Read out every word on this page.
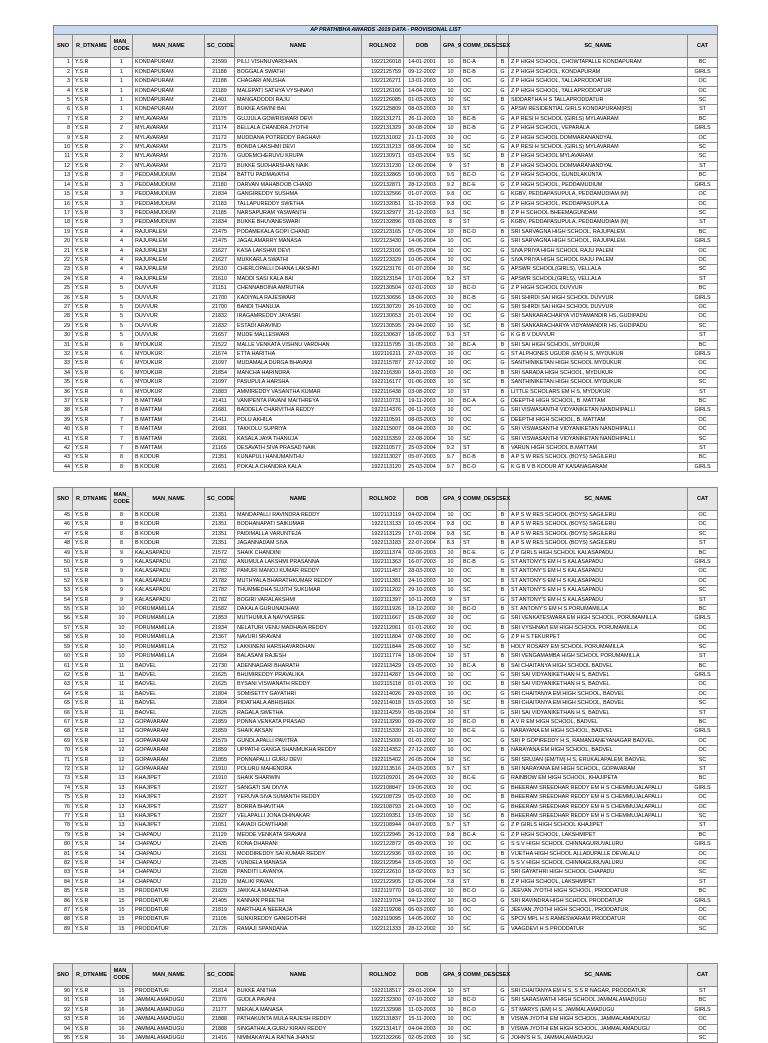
AP PRATHIBHA AWARDS -2019 DATA - PROVISIONAL LIST												
SNO	R_DTNAME	MAN_ CODE	MAN_NAME	SC_CODE	NAME	ROLLNO2	DOB	GPA_9	COMM_DESC	SEX	SC_NAME	CAT
1	Y.S.R	1	KONDAPURAM	21599	PILLI VISHNUVARDHAN	1922126018	14-01-2001	10	BC-A	B	Z P HIGH SCHOOL, CHOWTAPALLE KONDAPURAM	BC
2	Y.S.R	1	KONDAPURAM	21188	BOGGALA SWATHI	1922125759	09-12-2002	10	BC-B	G	Z P HIGH SCHOOL, KONDAPURAM	GIRLS
3	Y.S.R	1	KONDAPURAM	21188	CHAGARI ANUSHA	1922126271	13-01-2003	10	OC	G	Z P HIGH SCHOOL, TALLAPRODDATUR	OC
4	Y.S.R	1	KONDAPURAM	21189	MALEPATI SATHYA VYSHNAVI	1922126166	14-04-2003	10	OC	G	Z P HIGH SCHOOL, TALLAPRODDATUR	OC
5	Y.S.R	1	KONDAPURAM	21401	MANGADODDI RAJU	1922126085	01-03-2003	10	SC	B	SIDDARTHA H S TALLAPRODDATUR	SC
6	Y.S.R	1	KONDAPURAM	21697	BUKKE ASWINI BAI	1922125809	08-03-2003	10	ST	G	APSW RESIDENTIAL GIRLS KONDAPURAM(RS)	ST
7	Y.S.R	2	MYLAVARAM	21175	GUJJULA GOWRISWARI DEVI	1922131271	26-11-2003	10	BC-B	G	A P RESI H SCHOOL (GIRLS) MYLAVARAM	BC
8	Y.S.R	2	MYLAVARAM	21174	BELLALA CHANDRA JYOTHI	1922131329	30-08-2004	10	BC-B	G	Z P HIGH SCHOOL, VEPARALA	GIRLS
9	Y.S.R	2	MYLAVARAM	21172	MUDDANA POTREDDY RAGHAVI	1922131002	21-11-2003	10	OC	G	Z P HIGH SCHOOL DOMMARANANDYAL	OC
10	Y.S.R	2	MYLAVARAM	21175	BONDA LAKSHMI DEVI	1922131213	08-06-2004	10	SC	G	A P RESI H SCHOOL (GIRLS) MYLAVARAM	SC
11	Y.S.R	2	MYLAVARAM	21176	GUDEMCHERUVU KRUPA	1922130971	03-03-2004	9.5	SC	B	Z P HIGH SCHOOL MYLAVARAM	SC
12	Y.S.R	2	MYLAVARAM	21172	BUKKE SUDHARSHAN NAIK	1922131230	12-06-2004	9	ST	B	Z P HIGH SCHOOL DOMMARANANDYAL	ST
13	Y.S.R	3	PEDDAMUDIUM	21184	BATTU PADMAVATHI	1922132865	10-06-2003	9.5	BC-D	G	Z P HIGH SCHOOL, GUNDLAKUNTA	BC
14	Y.S.R	3	PEDDAMUDIUM	21180	DARVAN MAHABOOB CHAND	1922132871	28-12-2003	9.2	BC-E	G	Z P HIGH SCHOOL, PEDDAMUDIUM	GIRLS
15	Y.S.R	3	PEDDAMUDIUM	21834	GANGIREDDY SUSHMA	1922132566	01-07-2003	9.8	OC	G	KGBV, PEDDAPASUPULA, PEDDAMUDIAM (M)	OC
16	Y.S.R	3	PEDDAMUDIUM	21183	TALLAPUREDDY SWETHA	1922132051	11-10-2003	9.8	OC	G	Z P HIGH SCHOOL, PEDDAPASUPULA	OC
17	Y.S.R	3	PEDDAMUDIUM	21185	NARSAPURAM YASWANTH	1922132977	21-12-2003	9.3	SC	B	Z P H SCHOOL BHEEMAGUNDAM	SC
18	Y.S.R	3	PEDDAMUDIUM	21834	BUKKE BHUVANESWARI	1922132896	03-08-2003	8	ST	G	KGBV, PEDDAPASUPULA, PEDDAMUDIAM (M)	ST
19	Y.S.R	4	RAJUPALEM	21475	PODAMEKALA GOPI CHAND	1922123165	17-05-2004	10	BC-D	B	SRI SARVAGNA HIGH SCHOOL, RAJUPALEM.	BC
20	Y.S.R	4	RAJUPALEM	21475	JAGALAMARRY MANASA	1922123430	14-06-2004	10	OC	G	SRI SARVAGNA HIGH SCHOOL, RAJUPALEM.	GIRLS
21	Y.S.R	4	RAJUPALEM	21627	KASA LAKSHMI DEVI	1922123166	05-05-2004	10	OC	G	SIVA PRIYA HIGH SCHOOL RAJU PALEM	OC
22	Y.S.R	4	RAJUPALEM	21627	MUKKARLA SWATHI	1922123329	10-06-2004	10	OC	G	SIVA PRIYA HIGH SCHOOL RAJU PALEM	OC
23	Y.S.R	4	RAJUPALEM	21610	CHERLOPALLI DHANA LAKSHMI	1922123176	01-07-2004	10	SC	G	APSWR SCHOOL(GIRLS), VELLALA	SC
24	Y.S.R	4	RAJUPALEM	21610	MADDI SASI KALA BAI	1922123154	17-01-2004	9.2	ST	G	APSWR SCHOOL(GIRLS), VELLALA	ST
25	Y.S.R	5	DUVVUR	21151	CHENNABOINA AMRUTHA	1922130504	02-01-2003	10	BC-D	G	Z P HIGH SCHOOL DUVVUR	BC
26	Y.S.R	5	DUVVUR	21700	KADIYALA RAJESWARI	1922130656	18-06-2003	10	BC-B	G	SRI SHIRDI SAI HIGH SCHOOL DUVVUR	GIRLS
27	Y.S.R	5	DUVVUR	21700	BANDI THANUJA	1922130720	26-10-2003	10	OC	G	SRI SHIRDI SAI HIGH SCHOOL DUVVUR	OC
28	Y.S.R	5	DUVVUR	21832	IRAGAMREDDY JAYASRI	1922130653	21-01-2004	10	OC	G	SRI SANKARACHARYA VIDYAMANDIR HS, GUDIPADU	OC
29	Y.S.R	5	DUVVUR	21832	ESTADI ARAVIND	1922130595	29-04-2002	10	SC	B	SRI SANKARACHARYA VIDYAMANDIR HS, GUDIPADU	SC
30	Y.S.R	5	DUVVUR	21657	MUDE MALLESWARI	1922130637	18-05-2002	9.3	ST	G	K G B V DUVVUR	ST
31	Y.S.R	6	MYDUKUR	21522	MALLE VENKATA VISHNU VARDHAN	1922115795	31-05-2003	10	BC-A	B	SRI SAI HIGH SCHOOL, MYDUKUR	BC
32	Y.S.R	6	MYDUKUR	21674	ETTA HARITHA	1922116211	27-03-2003	10	OC	G	ST ALPHONES UGUDR (EM) H S, MYDUKUR	GIRLS
33	Y.S.R	6	MYDUKUR	21097	MUDAMALA DURGA BHAVANI	1922115787	27-12-2002	10	OC	G	SANTHINIKETAN HIGH SCHOOL MYDUKUR	OC
34	Y.S.R	6	MYDUKUR	21854	MANCHA HARINDRA	1922116390	18-01-2003	10	OC	B	SRI SARADA HIGH SCHOOL, MYDUKUR	OC
35	Y.S.R	6	MYDUKUR	21097	PASUPULA HARSHA	1922116177	01-06-2003	10	SC	B	SANTHINIKETAN HIGH SCHOOL MYDUKUR	SC
36	Y.S.R	6	MYDUKUR	21883	AMMIREDDY VASANTHA KUMAR	1922116438	03-08-2002	10	ST	B	LITTLE SCHOLARS EM H S, MYDUKUR	ST
37	Y.S.R	7	B MATTAM	21411	VANIPENTA PAVANI MAITHREYA	1922110731	19-11-2003	10	BC-A	G	DEEPTHI HIGH SCHOOL, B. MATTAM	BC
38	Y.S.R	7	B MATTAM	21681	BADDELA CHARVITHA REDDY	1922114376	06-11-2003	10	OC	G	SRI VISWASANTHI VIDYANIKETAN NANDHIPALLI	GIRLS
39	Y.S.R	7	B MATTAM	21411	POLU AKHILA	1922110591	08-03-2003	10	OC	G	DEEPTHI HIGH SCHOOL, B. MATTAM	OC
40	Y.S.R	7	B MATTAM	21681	TAKKOLU SUPRIYA	1922115007	08-04-2003	10	OC	G	SRI VISWASANTHI VIDYANIKETAN NANDHIPALLI	OC
41	Y.S.R	7	B MATTAM	21681	KASALA JAYA THANUJA	1922115359	22-08-2004	10	SC	G	SRI VISWASANTHI VIDYANIKETAN NANDHIPALLI	SC
42	Y.S.R	7	B MATTAM	21165	DESAVATH SIVA PRASAD NAIK	1922110577	25-03-2004	9.2	ST	B	VARUN HIGH SCHOOL B.MATTAM	ST
43	Y.S.R	8	B KODUR	21351	KUNAPULI HANUMANTHU	1922113027	05-07-2003	9.7	BC-B	B	A P S W RES SCHOOL (BOYS) SAGILERU	BC
44	Y.S.R	8	B KODUR	21651	POKALA CHANDRA KALA	1922113120	25-03-2004	9.7	BC-D	G	K G B V B KODUR AT KASANAGARAM	GIRLS
SNO	R_DTNAME	MAN_ CODE	MAN_NAME	SC_CODE	NAME	ROLLNO2	DOB	GPA_9	COMM_DESC	SEX	SC_NAME	CAT
45	Y.S.R	8	B KODUR	21351	MANDAPALLI RAVINDRA REDDY	1922113119	04-02-2004	10	OC	B	A P S W RES SCHOOL (BOYS) SAGILERU	OC
46	Y.S.R	8	B KODUR	21351	BODHANAPATI SAIKUMAR	1922113133	10-05-2004	9.8	OC	B	A P S W RES SCHOOL (BOYS) SAGILERU	OC
47	Y.S.R	8	B KODUR	21351	PAIDIMALLA VARUNTEJA	1922113129	17-01-2004	9.8	SC	B	A P S W RES SCHOOL (BOYS) SAGILERU	SC
48	Y.S.R	8	B KODUR	21351	JAGANNADAM SIVA	1922113183	22-07-2004	8.3	ST	B	A P S W RES SCHOOL (BOYS) SAGILERU	ST
49	Y.S.R	9	KALASAPADU	21572	SHAIK CHANDINI	1922111374	02-06-2003	10	BC-E	G	Z P GIRLS HIGH SCHOOL KALASAPADU	BC
50	Y.S.R	9	KALASAPADU	21782	ANUMULA LAKSHMI PRASANNA	1922111363	16-07-2003	10	BC-B	G	ST ANTONY'S EM H S KALASAPADU	GIRLS
51	Y.S.R	9	KALASAPADU	21782	PAMURI MANOJ KUMAR REDDY	1922111457	28-03-2003	10	OC	B	ST ANTONY'S EM H S KALASAPADU	OC
52	Y.S.R	9	KALASAPADU	21782	MUTHYALA BHARATHKUMAR REDDY	1922111381	24-10-2003	10	OC	B	ST ANTONY'S EM H S KALASAPADU	OC
53	Y.S.R	9	KALASAPADU	21782	THUMMEDHA SUJITH SUKUMAR	1922111202	29-10-2003	10	SC	B	ST ANTONY'S EM H S KALASAPADU	SC
54	Y.S.R	9	KALASAPADU	21782	BOGIRI VARALAKSHMI	1922111397	10-11-2003	9	ST	G	ST ANTONY'S EM H S KALASAPADU	ST
55	Y.S.R	10	PORUMAMILLA	21582	DAKALA GURUNADHAM	1922111926	18-12-2002	10	BC-D	B	ST. ANTONY'S EM H S PORUMAMILLA	BC
56	Y.S.R	10	PORUMAMILLA	21853	MUTHUMULA NAVYASREE	1922111667	15-08-2002	10	OC	G	SRI VENKATESWARA EM HIGH SCHOOL, PORUMAMILLA	GIRLS
57	Y.S.R	10	PORUMAMILLA	21934	NELATURI VENU MADHAVA REDDY	1922112061	01-01-2002	10	OC	B	SRI VYSHNAVI EM HIGH SCHOOL PORUMAMILLA	OC
58	Y.S.R	10	PORUMAMILLA	21367	NAVURI SRAVANI	1922111804	07-08-2002	10	OC	G	Z P H S TEKURPET	OC
59	Y.S.R	10	PORUMAMILLA	21752	LAKKINENI HARSHAVARDHAN	1922111844	25-08-2002	10	SC	B	HOLY ROSARY EM SCHOOL PORUMAMILLA	SC
60	Y.S.R	10	PORUMAMILLA	21684	BALASANI RAJESH	1922111774	18-06-2004	10	ST	B	SRI VENGAMAMBA HIGH SCHOOL PORUMAMILLA	ST
61	Y.S.R	11	BADVEL	21730	ADENNAGARI BHARATH	1922113429	19-05-2003	10	BC-A	B	SAI CHAITANYA HIGH SCHOOL BADVEL	BC
62	Y.S.R	11	BADVEL	21625	BHUMIREDDY PRAVALIKA	1922114287	15-04-2003	10	OC	G	SRI SAI VIDYANIKETHAN H S, BADVEL	GIRLS
63	Y.S.R	11	BADVEL	21625	BYSANI VISWANATH REDDY	1922115118	01-01-2003	10	OC	B	SRI SAI VIDYANIKETHAN H S, BADVEL	OC
64	Y.S.R	11	BADVEL	21804	SOMISETTY GAYATHRI	1922114026	29-03-2003	10	OC	G	SRI CHAITANYA EM HIGH SCHOOL, BADVEL	OC
65	Y.S.R	11	BADVEL	21804	PIDATHALA ABHISHEK	1922114018	15-03-2003	10	SC	B	SRI CHAITANYA EM HIGH SCHOOL, BADVEL	SC
66	Y.S.R	11	BADVEL	21625	RAGALA SWETHA	1922114259	05-08-2004	10	ST	G	SRI SAI VIDYANIKETHAN H S, BADVEL	ST
67	Y.S.R	12	GOPAVARAM	21859	PONNA VENKATA PRASAD	1922113290	09-09-2002	10	BC-D	B	A V R EM HIGH SCHOOL, BADVEL	BC
68	Y.S.R	12	GOPAVARAM	21859	SHAIK AKSAN	1922115330	21-10-2002	10	BC-E	G	NARAYANA EM HIGH SCHOOL, BADVEL	GIRLS
69	Y.S.R	12	GOPAVARAM	21579	GUNDLAPALLI PAVITRA	1922115000	01-01-2002	10	OC	G	SRI P GOPIREDDY H S, RAMANJANEYANAGAR BADVEL	OC
70	Y.S.R	12	GOPAVARAM	21859	UPPATHI GANGA SHANMUKHA REDDY	1922114352	27-12-2002	10	OC	B	NARAYANA EM HIGH SCHOOL, BADVEL	OC
71	Y.S.R	12	GOPAVARAM	21855	PONNAPALLI GURU DEVI	1922115402	26-05-2004	10	SC	G	SRI SRUJAN (EM/TM) H S, ERUKALAPALEM, BADVEL	SC
72	Y.S.R	12	GOPAVARAM	21910	POLURU MAHENDRA	1922113516	24-03-2003	9.7	ST	B	SRI NARAYANA EM HIGH SCHOOL, GOPAVARAM	ST
73	Y.S.R	13	KHAJIPET	21910	SHAIK SHARWIN	1922109201	26-04-2003	10	BC-E	G	RAINBOW EM HIGH SCHOOL, KHAJIPETA	BC
74	Y.S.R	13	KHAJIPET	21927	SANGATI SAI DIVYA	1922108847	19-06-2003	10	OC	G	BHEERAM SREEDHAR REDDY EM H S CHEMMUJALAPALLI	GIRLS
75	Y.S.R	13	KHAJIPET	21927	YERUVA SIVA SUMANTH REDDY	1922108729	05-02-2003	10	OC	B	BHEERAM SREEDHAR REDDY EM H S CHEMMUJALAPALLI	OC
76	Y.S.R	13	KHAJIPET	21927	BORRA BHAVITHA	1922108793	21-04-2003	10	OC	G	BHEERAM SREEDHAR REDDY EM H S CHEMMUJALAPALLI	OC
77	Y.S.R	13	KHAJIPET	21927	VELAPALLI JONA DHINAKAR	1922109351	13-05-2003	10	SC	B	BHEERAM SREEDHAR REDDY EM H S CHEMMUJALAPALLI	SC
78	Y.S.R	13	KHAJIPET	21051	KAVADI GOWTHAMI	1922108944	04-07-2003	9.7	ST	G	Z P GIRLS HIGH SCHOOL KHAJIPET	ST
79	Y.S.R	14	CHAPADU	21129	MEDDE VENKATA SRAVANI	1922122945	26-12-2003	9.8	BC-A	G	Z P HIGH SCHOOL, LAKSHMIPET	BC
80	Y.S.R	14	CHAPADU	21435	KONA DHARANI	1922122872	05-09-2003	10	OC	G	S S V HIGH SCHOOL CHINNAGURUVALURU	GIRLS
81	Y.S.R	14	CHAPADU	21631	MODDIREDDY SAI KUMAR REDDY	1922122936	03-02-2003	10	OC	B	VIJETHA HIGH SCHOOL ALLADUPALLE DEVALALU	OC
82	Y.S.R	14	CHAPADU	21435	VUNDELA MANASA	1922122954	13-05-2003	10	OC	G	S S V HIGH SCHOOL CHINNAGURUVALURU	OC
83	Y.S.R	14	CHAPADU	21628	PANDITI LAVANYA	1922122610	18-02-2003	9.3	SC	G	SRI GAYATHRI HIGH SCHOOL CHAPADU	SC
84	Y.S.R	14	CHAPADU	21129	MALIKI PAVAN	1922122905	12-06-2004	7.8	ST	B	Z P HIGH SCHOOL, LAKSHMIPET	ST
85	Y.S.R	15	PRODDATUR	21829	JAKKALA MAMATHA	1922119770	18-01-2002	10	BC-D	G	JEEVAN JYOTHI HIGH SCHOOL, PRODDATUR	BC
86	Y.S.R	15	PRODDATUR	21405	KANNAN PREETHI	1922119704	04-12-2002	10	BC-D	G	SRI RAVINDRA HIGH SCHOOL PRODDATUR	GIRLS
87	Y.S.R	15	PRODDATUR	21819	MARTHALA NEERAJA	1922119208	05-03-2002	10	OC	G	JEEVAN JYOTHI HIGH SCHOOL, PRODDATUR	OC
88	Y.S.R	15	PRODDATUR	21105	SUNKIREDDY GANGOTHRI	1922119095	14-05-2002	10	OC	G	SPCN MPL H S RAMESWARAM PRODDATUR	OC
89	Y.S.R	15	PRODDATUR	21726	RAMAJI SPANDANA	1922121333	28-12-2002	10	SC	G	VAAGDEVI H S PRODDATUR	SC
SNO	R_DTNAME	MAN_ CODE	MAN_NAME	SC_CODE	NAME	ROLLNO2	DOB	GPA_9	COMM_DESC	SEX	SC_NAME	CAT
90	Y.S.R	15	PRODDATUR	21814	BUKKE ANITHA	1922118517	29-01-2004	10	ST	G	SRI CHAITANYA EM H S, S S R NAGAR, PRODDATUR	ST
91	Y.S.R	16	JAMMALAMADUGU	21376	GUDLA PAVANI	1922132300	07-10-2002	10	BC-D	G	SRI SARASWATHI HIGH SCHOOL JAMMALAMADUGU	BC
92	Y.S.R	16	JAMMALAMADUGU	21177	MEKALA MANASA	1922132998	11-03-2003	10	BC-D	G	ST MARYS (EM) H S. JAMMALAMADUGU	GIRLS
93	Y.S.R	16	JAMMALAMADUGU	21888	PATHAKUNTA MULA RAJESH REDDY	1922131837	15-11-2003	10	OC	B	VISWA JYOTHI EM HIGH SCHOOL, JAMMALAMADUGU	OC
94	Y.S.R	16	JAMMALAMADUGU	21888	SINGATHALA GURU KIRAN REDDY	1922131417	04-04-2003	10	OC	B	VISWA JYOTHI EM HIGH SCHOOL, JAMMALAMADUGU	OC
95	Y.S.R	16	JAMMALAMADUGU	21416	NIMMAKAYALA RATNA JHANSI	1922132266	02-05-2003	10	SC	G	JOHN'S H S, JAMMALAMADUGU	SC
